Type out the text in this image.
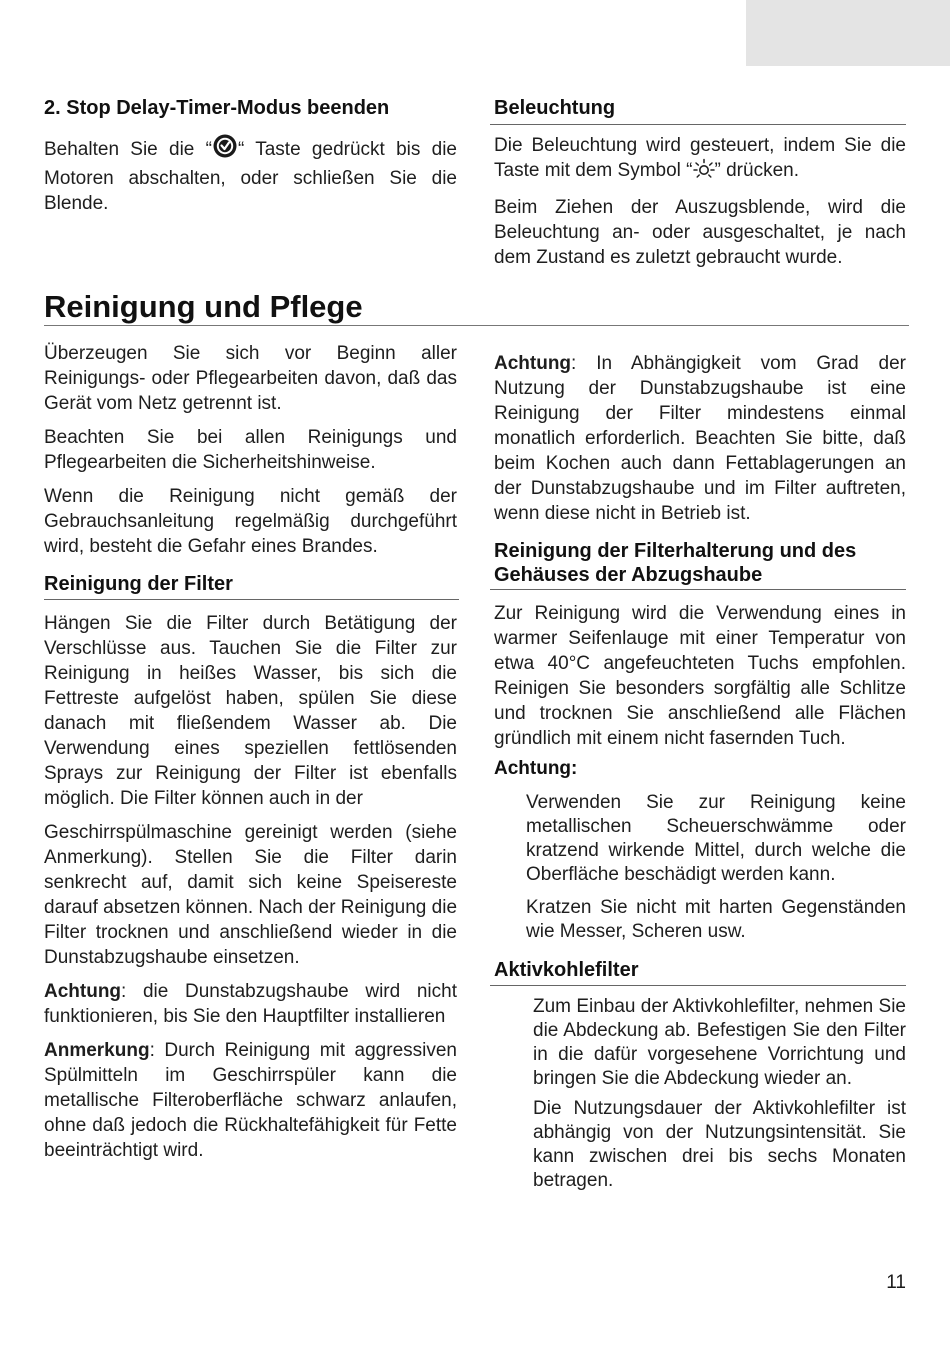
2. Stop Delay-Timer-Modus beenden

Behalten Sie die “ “ Taste gedrückt bis die Motoren abschalten, oder schließen Sie die Blende.

Beleuchtung

Die Beleuchtung wird gesteuert, indem Sie die Taste mit dem Symbol “ ” drücken.

Beim Ziehen der Auszugsblende, wird die Beleuchtung an- oder ausgeschaltet, je nach dem Zustand es zuletzt gebraucht wurde.

Reinigung und Pflege

Überzeugen Sie sich vor Beginn aller Reinigungs- oder Pflegearbeiten davon, daß das Gerät vom Netz getrennt ist.

Beachten Sie bei allen Reinigungs und Pflegearbeiten die Sicherheitshinweise.

Wenn die Reinigung nicht gemäß der Gebrauchsanleitung regelmäßig durchgeführt wird, besteht die Gefahr eines Brandes.

Reinigung der Filter

Hängen Sie die Filter durch Betätigung der Verschlüsse aus. Tauchen Sie die Filter zur Reinigung in heißes Wasser, bis sich die Fettreste aufgelöst haben, spülen Sie diese danach mit fließendem Wasser ab. Die Verwendung eines speziellen fettlösenden Sprays zur Reinigung der Filter ist ebenfalls möglich. Die Filter können auch in der

Geschirrspülmaschine gereinigt werden (siehe Anmerkung). Stellen Sie die Filter darin senkrecht auf, damit sich keine Speisereste darauf absetzen können. Nach der Reinigung die Filter trocknen und anschließend wieder in die Dunstabzugshaube einsetzen.

Achtung: die Dunstabzugshaube wird nicht funktionieren, bis Sie den Hauptfilter installieren

Anmerkung: Durch Reinigung mit aggressiven Spülmitteln im Geschirrspüler kann die metallische Filteroberfläche schwarz anlaufen, ohne daß jedoch die Rückhaltefähigkeit für Fette beeinträchtigt wird.

Achtung: In Abhängigkeit vom Grad der Nutzung der Dunstabzugshaube ist eine Reinigung der Filter mindestens einmal monatlich erforderlich. Beachten Sie bitte, daß beim Kochen auch dann Fettablagerungen an der Dunstabzugshaube und im Filter auftreten, wenn diese nicht in Betrieb ist.

Reinigung der Filterhalterung und des Gehäuses der Abzugshaube

Zur Reinigung wird die Verwendung eines in warmer Seifenlauge mit einer Temperatur von etwa 40°C angefeuchteten Tuchs empfohlen. Reinigen Sie besonders sorgfältig alle Schlitze und trocknen Sie anschließend alle Flächen gründlich mit einem nicht fasernden Tuch.

Achtung:

Verwenden Sie zur Reinigung keine metallischen Scheuerschwämme oder kratzend wirkende Mittel, durch welche die Oberfläche beschädigt werden kann.

Kratzen Sie nicht mit harten Gegenständen wie Messer, Scheren usw.

Aktivkohlefilter

Zum Einbau der Aktivkohlefilter, nehmen Sie die Abdeckung ab. Befestigen Sie den Filter in die dafür vorgesehene Vorrichtung und bringen Sie die Abdeckung wieder an.

Die Nutzungsdauer der Aktivkohlefilter ist abhängig von der Nutzungsintensität. Sie kann zwischen drei bis sechs Monaten betragen.

11
